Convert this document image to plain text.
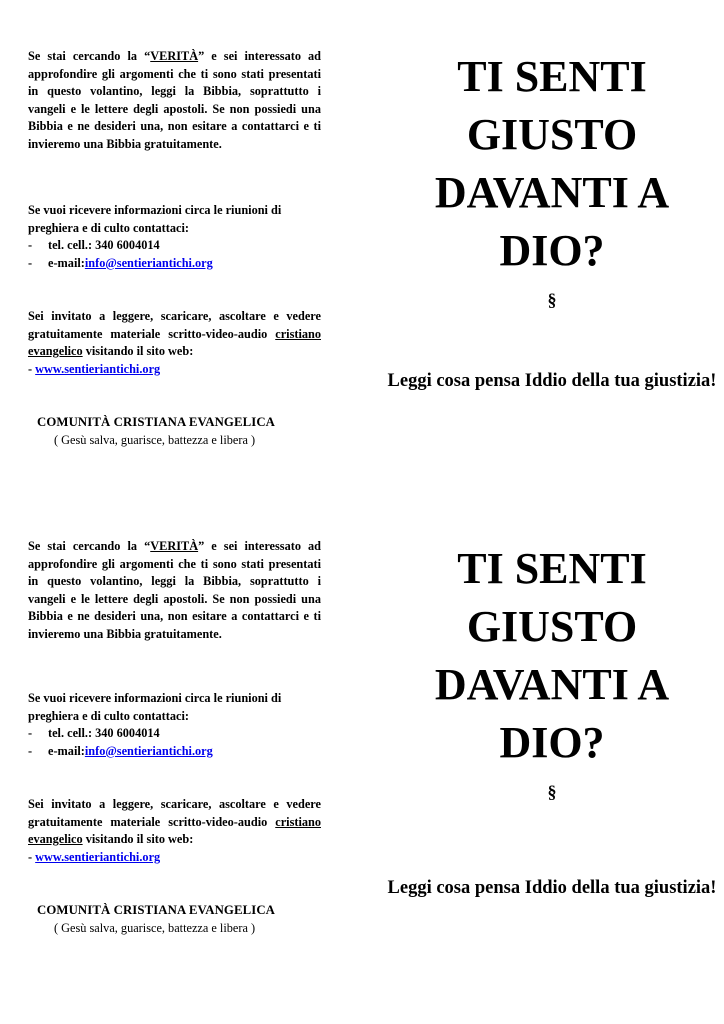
Se stai cercando la “VERITÀ” e sei interessato ad approfondire gli argomenti che ti sono stati presentati in questo volantino, leggi la Bibbia, soprattutto i vangeli e le lettere degli apostoli. Se non possiedi una Bibbia e ne desideri una, non esitare a contattarci e ti invieremo una Bibbia gratuitamente.
Se vuoi ricevere informazioni circa le riunioni di preghiera e di culto contattaci:
-	tel. cell.: 340 6004014
-	e-mail: info@sentieriantichi.org
Sei invitato a leggere, scaricare, ascoltare e vedere gratuitamente materiale scritto-video-audio cristiano evangelico visitando il sito web:
- www.sentieriantichi.org
COMUNITÀ CRISTIANA EVANGELICA
( Gesù salva, guarisce, battezza e libera )
TI SENTI
GIUSTO
DAVANTI A
DIO?
§
Leggi cosa pensa Iddio della tua giustizia!
Se stai cercando la “VERITÀ” e sei interessato ad approfondire gli argomenti che ti sono stati presentati in questo volantino, leggi la Bibbia, soprattutto i vangeli e le lettere degli apostoli. Se non possiedi una Bibbia e ne desideri una, non esitare a contattarci e ti invieremo una Bibbia gratuitamente.
Se vuoi ricevere informazioni circa le riunioni di preghiera e di culto contattaci:
-	tel. cell.: 340 6004014
-	e-mail: info@sentieriantichi.org
Sei invitato a leggere, scaricare, ascoltare e vedere gratuitamente materiale scritto-video-audio cristiano evangelico visitando il sito web:
- www.sentieriantichi.org
COMUNITÀ CRISTIANA EVANGELICA
( Gesù salva, guarisce, battezza e libera )
TI SENTI
GIUSTO
DAVANTI A
DIO?
§
Leggi cosa pensa Iddio della tua giustizia!
